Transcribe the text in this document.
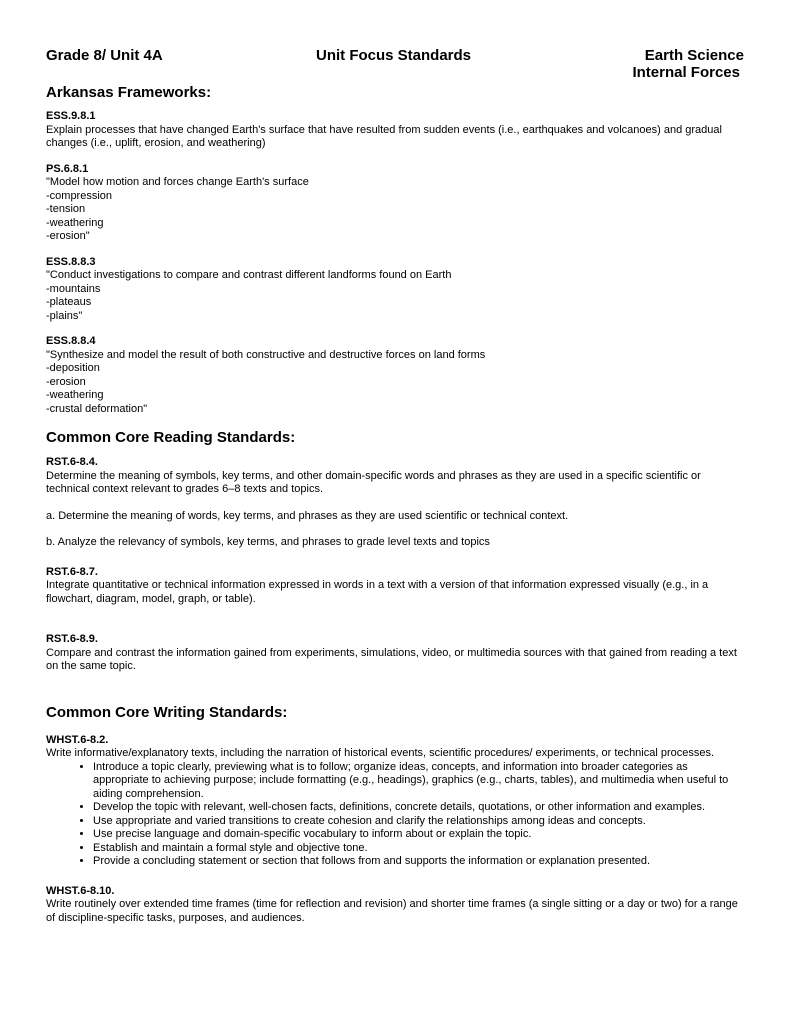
Grade 8/ Unit 4A	Unit Focus Standards	Earth Science
Internal Forces
Arkansas Frameworks:

ESS.9.8.1

Explain processes that have changed Earth's surface that have resulted from sudden events (i.e., earthquakes and volcanoes) and gradual changes (i.e., uplift, erosion, and weathering)

PS.6.8.1

"Model how motion and forces change Earth's surface
-compression
-tension
-weathering
-erosion"

ESS.8.8.3

"Conduct investigations to compare and contrast different landforms found on Earth
-mountains
-plateaus
-plains"

ESS.8.8.4

"Synthesize and model the result of both constructive and destructive forces on land forms
-deposition
-erosion
-weathering
-crustal deformation"

Common Core Reading Standards:

RST.6-8.4.

Determine the meaning of symbols, key terms, and other domain-specific words and phrases as they are used in a specific scientific or technical context relevant to grades 6–8 texts and topics.

a. Determine the meaning of words, key terms, and phrases as they are used scientific or technical context.

b. Analyze the relevancy of symbols, key terms, and phrases to grade level texts and topics

RST.6-8.7.

Integrate quantitative or technical information expressed in words in a text with a version of that information expressed visually (e.g., in a flowchart, diagram, model, graph, or table).

RST.6-8.9.

Compare and contrast the information gained from experiments, simulations, video, or multimedia sources with that gained from reading a text on the same topic.

Common Core Writing Standards:

WHST.6-8.2.

Write informative/explanatory texts, including the narration of historical events, scientific procedures/ experiments, or technical processes.

• Introduce a topic clearly, previewing what is to follow; organize ideas, concepts, and information into broader categories as appropriate to achieving purpose; include formatting (e.g., headings), graphics (e.g., charts, tables), and multimedia when useful to aiding comprehension.
• Develop the topic with relevant, well-chosen facts, definitions, concrete details, quotations, or other information and examples.
• Use appropriate and varied transitions to create cohesion and clarify the relationships among ideas and concepts.
• Use precise language and domain-specific vocabulary to inform about or explain the topic.
• Establish and maintain a formal style and objective tone.
• Provide a concluding statement or section that follows from and supports the information or explanation presented.

WHST.6-8.10.

Write routinely over extended time frames (time for reflection and revision) and shorter time frames (a single sitting or a day or two) for a range of discipline-specific tasks, purposes, and audiences.
